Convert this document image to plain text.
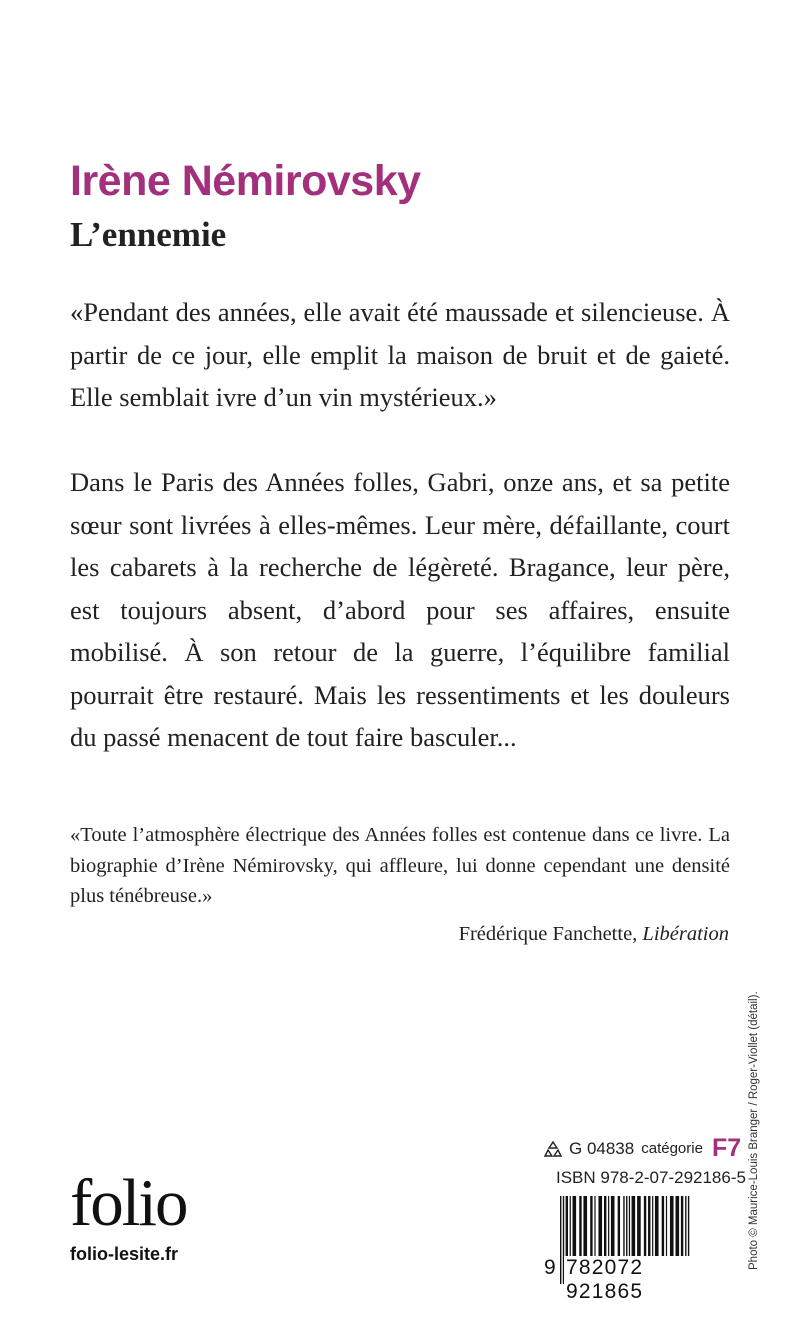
Irène Némirovsky
L’ennemie

«Pendant des années, elle avait été maussade et silencieuse. À partir de ce jour, elle emplit la maison de bruit et de gaieté. Elle semblait ivre d’un vin mystérieux.»

Dans le Paris des Années folles, Gabri, onze ans, et sa petite sœur sont livrées à elles-mêmes. Leur mère, défaillante, court les cabarets à la recherche de légèreté. Bragance, leur père, est toujours absent, d’abord pour ses affaires, ensuite mobilisé. À son retour de la guerre, l’équilibre familial pourrait être restauré. Mais les ressentiments et les douleurs du passé menacent de tout faire basculer...

«Toute l’atmosphère électrique des Années folles est contenue dans ce livre. La biographie d’Irène Némirovsky, qui affleure, lui donne cependant une densité plus ténébreuse.»

Frédérique Fanchette, Libération

Photo © Maurice-Louis Branger / Roger-Viollet (détail).
folio
folio-lesite.fr
G 04838 catégorie F7
ISBN 978-2-07-292186-5
9 782072 921865
